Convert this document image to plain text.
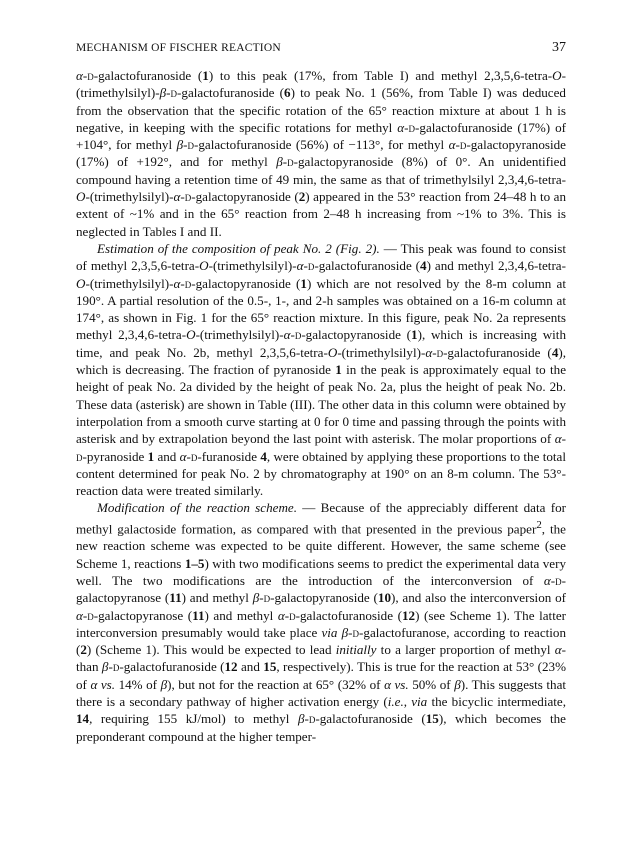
MECHANISM OF FISCHER REACTION	37

α-d-galactofuranoside (1) to this peak (17%, from Table I) and methyl 2,3,5,6-tetra-O-(trimethylsilyl)-β-d-galactofuranoside (6) to peak No. 1 (56%, from Table I) was deduced from the observation that the specific rotation of the 65° reaction mixture at about 1 h is negative, in keeping with the specific rotations for methyl α-d-galactofuranoside (17%) of +104°, for methyl β-d-galactofuranoside (56%) of −113°, for methyl α-d-galactopyranoside (17%) of +192°, and for methyl β-d-galactopyranoside (8%) of 0°. An unidentified compound having a retention time of 49 min, the same as that of trimethylsilyl 2,3,4,6-tetra-O-(trimethylsilyl)-α-d-galactopyranoside (2) appeared in the 53° reaction from 24–48 h to an extent of ~1% and in the 65° reaction from 2–48 h increasing from ~1% to 3%. This is neglected in Tables I and II.

Estimation of the composition of peak No. 2 (Fig. 2). — This peak was found to consist of methyl 2,3,5,6-tetra-O-(trimethylsilyl)-α-d-galactofuranoside (4) and methyl 2,3,4,6-tetra-O-(trimethylsilyl)-α-d-galactopyranoside (1) which are not resolved by the 8-m column at 190°. A partial resolution of the 0.5-, 1-, and 2-h samples was obtained on a 16-m column at 174°, as shown in Fig. 1 for the 65° reaction mixture. In this figure, peak No. 2a represents methyl 2,3,4,6-tetra-O-(trimethylsilyl)-α-d-galactopyranoside (1), which is increasing with time, and peak No. 2b, methyl 2,3,5,6-tetra-O-(trimethylsilyl)-α-d-galactofuranoside (4), which is decreasing. The fraction of pyranoside 1 in the peak is approximately equal to the height of peak No. 2a divided by the height of peak No. 2a, plus the height of peak No. 2b. These data (asterisk) are shown in Table (III). The other data in this column were obtained by interpolation from a smooth curve starting at 0 for 0 time and passing through the points with asterisk and by extrapolation beyond the last point with asterisk. The molar proportions of α-d-pyranoside 1 and α-d-furanoside 4, were obtained by applying these proportions to the total content determined for peak No. 2 by chromatography at 190° on an 8-m column. The 53°-reaction data were treated similarly.

Modification of the reaction scheme. — Because of the appreciably different data for methyl galactoside formation, as compared with that presented in the previous paper$^2$, the new reaction scheme was expected to be quite different. However, the same scheme (see Scheme 1, reactions 1–5) with two modifications seems to predict the experimental data very well. The two modifications are the introduction of the interconversion of α-d-galactopyranose (11) and methyl β-d-galactopyranoside (10), and also the interconversion of α-d-galactopyranose (11) and methyl α-d-galactofuranoside (12) (see Scheme 1). The latter interconversion presumably would take place via β-d-galactofuranose, according to reaction (2) (Scheme 1). This would be expected to lead initially to a larger proportion of methyl α- than β-d-galactofuranoside (12 and 15, respectively). This is true for the reaction at 53° (23% of α vs. 14% of β), but not for the reaction at 65° (32% of α vs. 50% of β). This suggests that there is a secondary pathway of higher activation energy (i.e., via the bicyclic intermediate, 14, requiring 155 kJ/mol) to methyl β-d-galactofuranoside (15), which becomes the preponderant compound at the higher temper-
